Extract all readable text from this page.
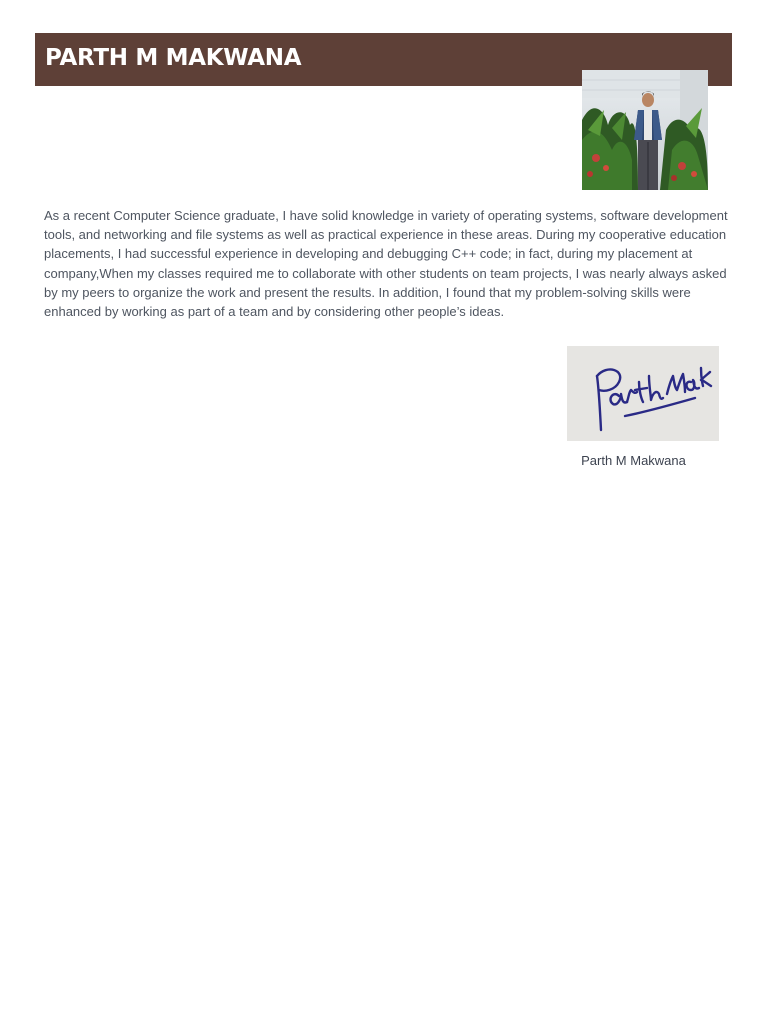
PARTH M MAKWANA

As a recent Computer Science graduate, I have solid knowledge in variety of operating systems, software development tools, and networking and file systems as well as practical experience in these areas. During my cooperative education placements, I had successful experience in developing and debugging C++ code; in fact, during my placement at company,When my classes required me to collaborate with other students on team projects, I was nearly always asked by my peers to organize the work and present the results. In addition, I found that my problem-solving skills were enhanced by working as part of a team and by considering other people’s ideas.

Parth M Makwana
